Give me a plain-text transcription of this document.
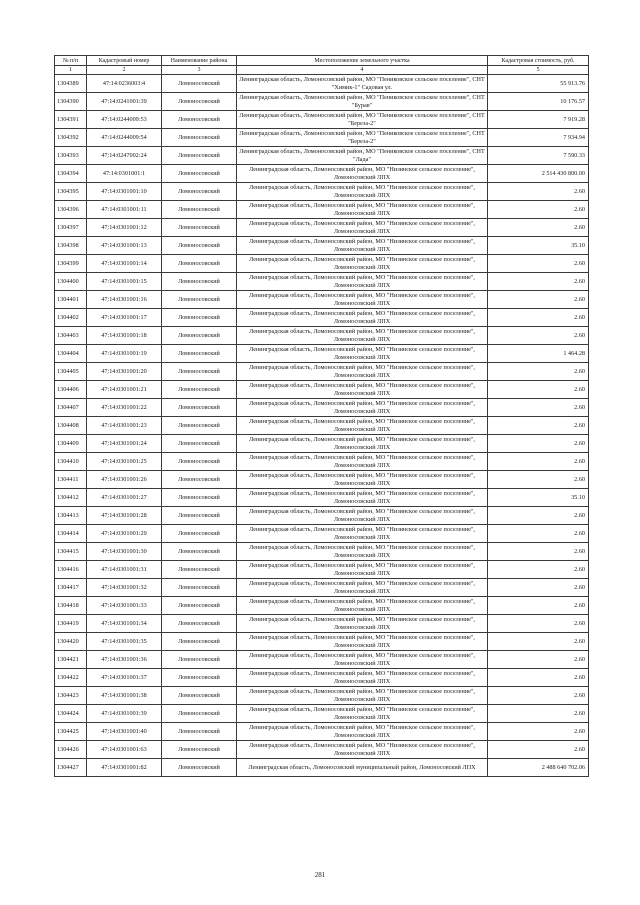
№ п/п	Кадастровый номер	Наименование района	Местоположение земельного участка	Кадастровая стоимость, руб.
1	2	3	4	5
1304389	47:14:0236003:4	Ломоносовский	Ленинградская область, Ломоносовский район, МО "Пениковское сельское поселение", СНТ "Химик-1" Садовая ул.	55 913.76
1304390	47:14:0241001:39	Ломоносовский	Ленинградская область, Ломоносовский район, МО "Пениковское сельское поселение", СНТ "Бурав"	10 176.57
1304391	47:14:0244009:53	Ломоносовский	Ленинградская область, Ломоносовский район, МО "Пениковское сельское поселение", СНТ "Береза-2"	7 919.28
1304392	47:14:0244009:54	Ломоносовский	Ленинградская область, Ломоносовский район, МО "Пениковское сельское поселение", СНТ "Береза-2"	7 934.94
1304393	47:14:0247002:24	Ломоносовский	Ленинградская область, Ломоносовский район, МО "Пениковское сельское поселение", СНТ "Лада"	7 590.33
1304394	47:14:0301001:1	Ломоносовский	Ленинградская область, Ломоносовский район, МО "Низинское сельское поселение", Ломоносовский ЛПХ	2 514 430 800.00
1304395	47:14:0301001:10	Ломоносовский	Ленинградская область, Ломоносовский район, МО "Низинское сельское поселение", Ломоносовский ЛПХ	2.60
1304396	47:14:0301001:11	Ломоносовский	Ленинградская область, Ломоносовский район, МО "Низинское сельское поселение", Ломоносовский ЛПХ	2.60
1304397	47:14:0301001:12	Ломоносовский	Ленинградская область, Ломоносовский район, МО "Низинское сельское поселение", Ломоносовский ЛПХ	2.60
1304398	47:14:0301001:13	Ломоносовский	Ленинградская область, Ломоносовский район, МО "Низинское сельское поселение", Ломоносовский ЛПХ	35.10
1304399	47:14:0301001:14	Ломоносовский	Ленинградская область, Ломоносовский район, МО "Низинское сельское поселение", Ломоносовский ЛПХ	2.60
1304400	47:14:0301001:15	Ломоносовский	Ленинградская область, Ломоносовский район, МО "Низинское сельское поселение", Ломоносовский ЛПХ	2.60
1304401	47:14:0301001:16	Ломоносовский	Ленинградская область, Ломоносовский район, МО "Низинское сельское поселение", Ломоносовский ЛПХ	2.60
1304402	47:14:0301001:17	Ломоносовский	Ленинградская область, Ломоносовский район, МО "Низинское сельское поселение", Ломоносовский ЛПХ	2.60
1304403	47:14:0301001:18	Ломоносовский	Ленинградская область, Ломоносовский район, МО "Низинское сельское поселение", Ломоносовский ЛПХ	2.60
1304404	47:14:0301001:19	Ломоносовский	Ленинградская область, Ломоносовский район, МО "Низинское сельское поселение", Ломоносовский ЛПХ	1 464.28
1304405	47:14:0301001:20	Ломоносовский	Ленинградская область, Ломоносовский район, МО "Низинское сельское поселение", Ломоносовский ЛПХ	2.60
1304406	47:14:0301001:21	Ломоносовский	Ленинградская область, Ломоносовский район, МО "Низинское сельское поселение", Ломоносовский ЛПХ	2.60
1304407	47:14:0301001:22	Ломоносовский	Ленинградская область, Ломоносовский район, МО "Низинское сельское поселение", Ломоносовский ЛПХ	2.60
1304408	47:14:0301001:23	Ломоносовский	Ленинградская область, Ломоносовский район, МО "Низинское сельское поселение", Ломоносовский ЛПХ	2.60
1304409	47:14:0301001:24	Ломоносовский	Ленинградская область, Ломоносовский район, МО "Низинское сельское поселение", Ломоносовский ЛПХ	2.60
1304410	47:14:0301001:25	Ломоносовский	Ленинградская область, Ломоносовский район, МО "Низинское сельское поселение", Ломоносовский ЛПХ	2.60
1304411	47:14:0301001:26	Ломоносовский	Ленинградская область, Ломоносовский район, МО "Низинское сельское поселение", Ломоносовский ЛПХ	2.60
1304412	47:14:0301001:27	Ломоносовский	Ленинградская область, Ломоносовский район, МО "Низинское сельское поселение", Ломоносовский ЛПХ	35.10
1304413	47:14:0301001:28	Ломоносовский	Ленинградская область, Ломоносовский район, МО "Низинское сельское поселение", Ломоносовский ЛПХ	2.60
1304414	47:14:0301001:29	Ломоносовский	Ленинградская область, Ломоносовский район, МО "Низинское сельское поселение", Ломоносовский ЛПХ	2.60
1304415	47:14:0301001:30	Ломоносовский	Ленинградская область, Ломоносовский район, МО "Низинское сельское поселение", Ломоносовский ЛПХ	2.60
1304416	47:14:0301001:31	Ломоносовский	Ленинградская область, Ломоносовский район, МО "Низинское сельское поселение", Ломоносовский ЛПХ	2.60
1304417	47:14:0301001:32	Ломоносовский	Ленинградская область, Ломоносовский район, МО "Низинское сельское поселение", Ломоносовский ЛПХ	2.60
1304418	47:14:0301001:33	Ломоносовский	Ленинградская область, Ломоносовский район, МО "Низинское сельское поселение", Ломоносовский ЛПХ	2.60
1304419	47:14:0301001:34	Ломоносовский	Ленинградская область, Ломоносовский район, МО "Низинское сельское поселение", Ломоносовский ЛПХ	2.60
1304420	47:14:0301001:35	Ломоносовский	Ленинградская область, Ломоносовский район, МО "Низинское сельское поселение", Ломоносовский ЛПХ	2.60
1304421	47:14:0301001:36	Ломоносовский	Ленинградская область, Ломоносовский район, МО "Низинское сельское поселение", Ломоносовский ЛПХ	2.60
1304422	47:14:0301001:37	Ломоносовский	Ленинградская область, Ломоносовский район, МО "Низинское сельское поселение", Ломоносовский ЛПХ	2.60
1304423	47:14:0301001:38	Ломоносовский	Ленинградская область, Ломоносовский район, МО "Низинское сельское поселение", Ломоносовский ЛПХ	2.60
1304424	47:14:0301001:39	Ломоносовский	Ленинградская область, Ломоносовский район, МО "Низинское сельское поселение", Ломоносовский ЛПХ	2.60
1304425	47:14:0301001:40	Ломоносовский	Ленинградская область, Ломоносовский район, МО "Низинское сельское поселение", Ломоносовский ЛПХ	2.60
1304426	47:14:0301001:63	Ломоносовский	Ленинградская область, Ломоносовский район, МО "Низинское сельское поселение", Ломоносовский ЛПХ	2.60
1304427	47:14:0301001:82	Ломоносовский	Ленинградская область, Ломоносовский муниципальный район, Ломоносовский ЛПХ	2 488 640 702.06
281
